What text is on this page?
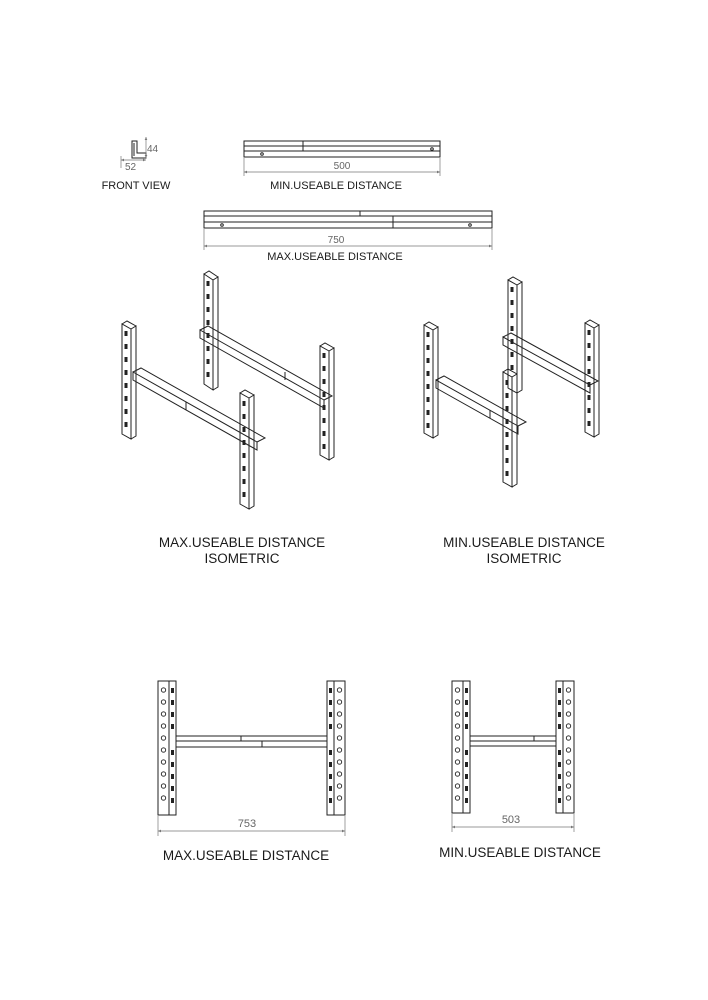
44
52	500
750
753	503
FRONT VIEW	MIN.USEABLE DISTANCE
MAX.USEABLE DISTANCE
MAX.USEABLE DISTANCE
ISOMETRIC
MIN.USEABLE DISTANCE
ISOMETRIC
MAX.USEABLE DISTANCE	MIN.USEABLE DISTANCE
